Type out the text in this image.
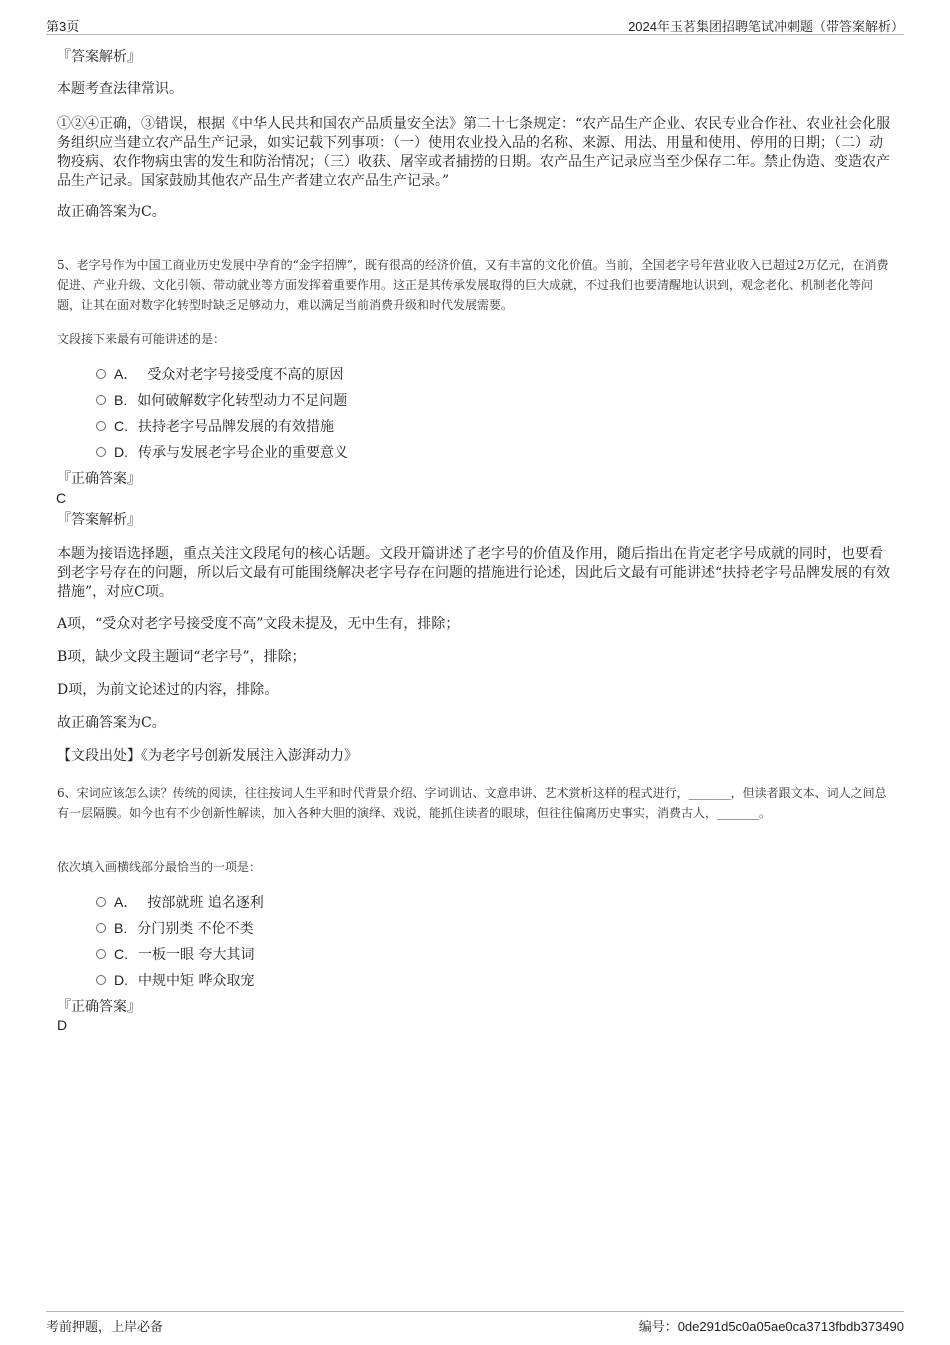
第3页	2024年玉茗集团招聘笔试冲刺题（带答案解析）
『答案解析』
本题考查法律常识。
①②④正确，③错误，根据《中华人民共和国农产品质量安全法》第二十七条规定：“农产品生产企业、农民专业合作社、农业社会化服务组织应当建立农产品生产记录，如实记载下列事项：（一）使用农业投入品的名称、来源、用法、用量和使用、停用的日期；（二）动物疫病、农作物病虫害的发生和防治情况；（三）收获、屠宰或者捕捞的日期。农产品生产记录应当至少保存二年。禁止伪造、变造农产品生产记录。国家鼓励其他农产品生产者建立农产品生产记录。”
故正确答案为C。
5、老字号作为中国工商业历史发展中孕育的“金字招牌”，既有很高的经济价值，又有丰富的文化价值。当前，全国老字号年营业收入已超过2万亿元，在消费促进、产业升级、文化引领、带动就业等方面发挥着重要作用。这正是其传承发展取得的巨大成就，不过我们也要清醒地认识到，观念老化、机制老化等问题，让其在面对数字化转型时缺乏足够动力，难以满足当前消费升级和时代发展需要。
文段接下来最有可能讲述的是：
A． 受众对老字号接受度不高的原因
B. 如何破解数字化转型动力不足问题
C. 扶持老字号品牌发展的有效措施
D. 传承与发展老字号企业的重要意义
『正确答案』
C
『答案解析』
本题为接语选择题，重点关注文段尾句的核心话题。文段开篇讲述了老字号的价值及作用，随后指出在肯定老字号成就的同时，也要看到老字号存在的问题，所以后文最有可能围绕解决老字号存在问题的措施进行论述，因此后文最有可能讲述“扶持老字号品牌发展的有效措施”，对应C项。
A项，“受众对老字号接受度不高”文段未提及，无中生有，排除；
B项，缺少文段主题词“老字号”，排除；
D项，为前文论述过的内容，排除。
故正确答案为C。
【文段出处】《为老字号创新发展注入澎湃动力》
6、宋词应该怎么读？传统的阅读，往往按词人生平和时代背景介绍、字词训诂、文意串讲、艺术赏析这样的程式进行，_______，但读者跟文本、词人之间总有一层隔膜。如今也有不少创新性解读，加入各种大胆的演绎、戏说，能抓住读者的眼球，但往往偏离历史事实，消费古人，_______。
依次填入画横线部分最恰当的一项是：
A． 按部就班 追名逐利
B. 分门别类 不伦不类
C. 一板一眼 夸大其词
D. 中规中矩 哗众取宠
『正确答案』
D
考前押题，上岸必备	编号：0de291d5c0a05ae0ca3713fbdb373490
